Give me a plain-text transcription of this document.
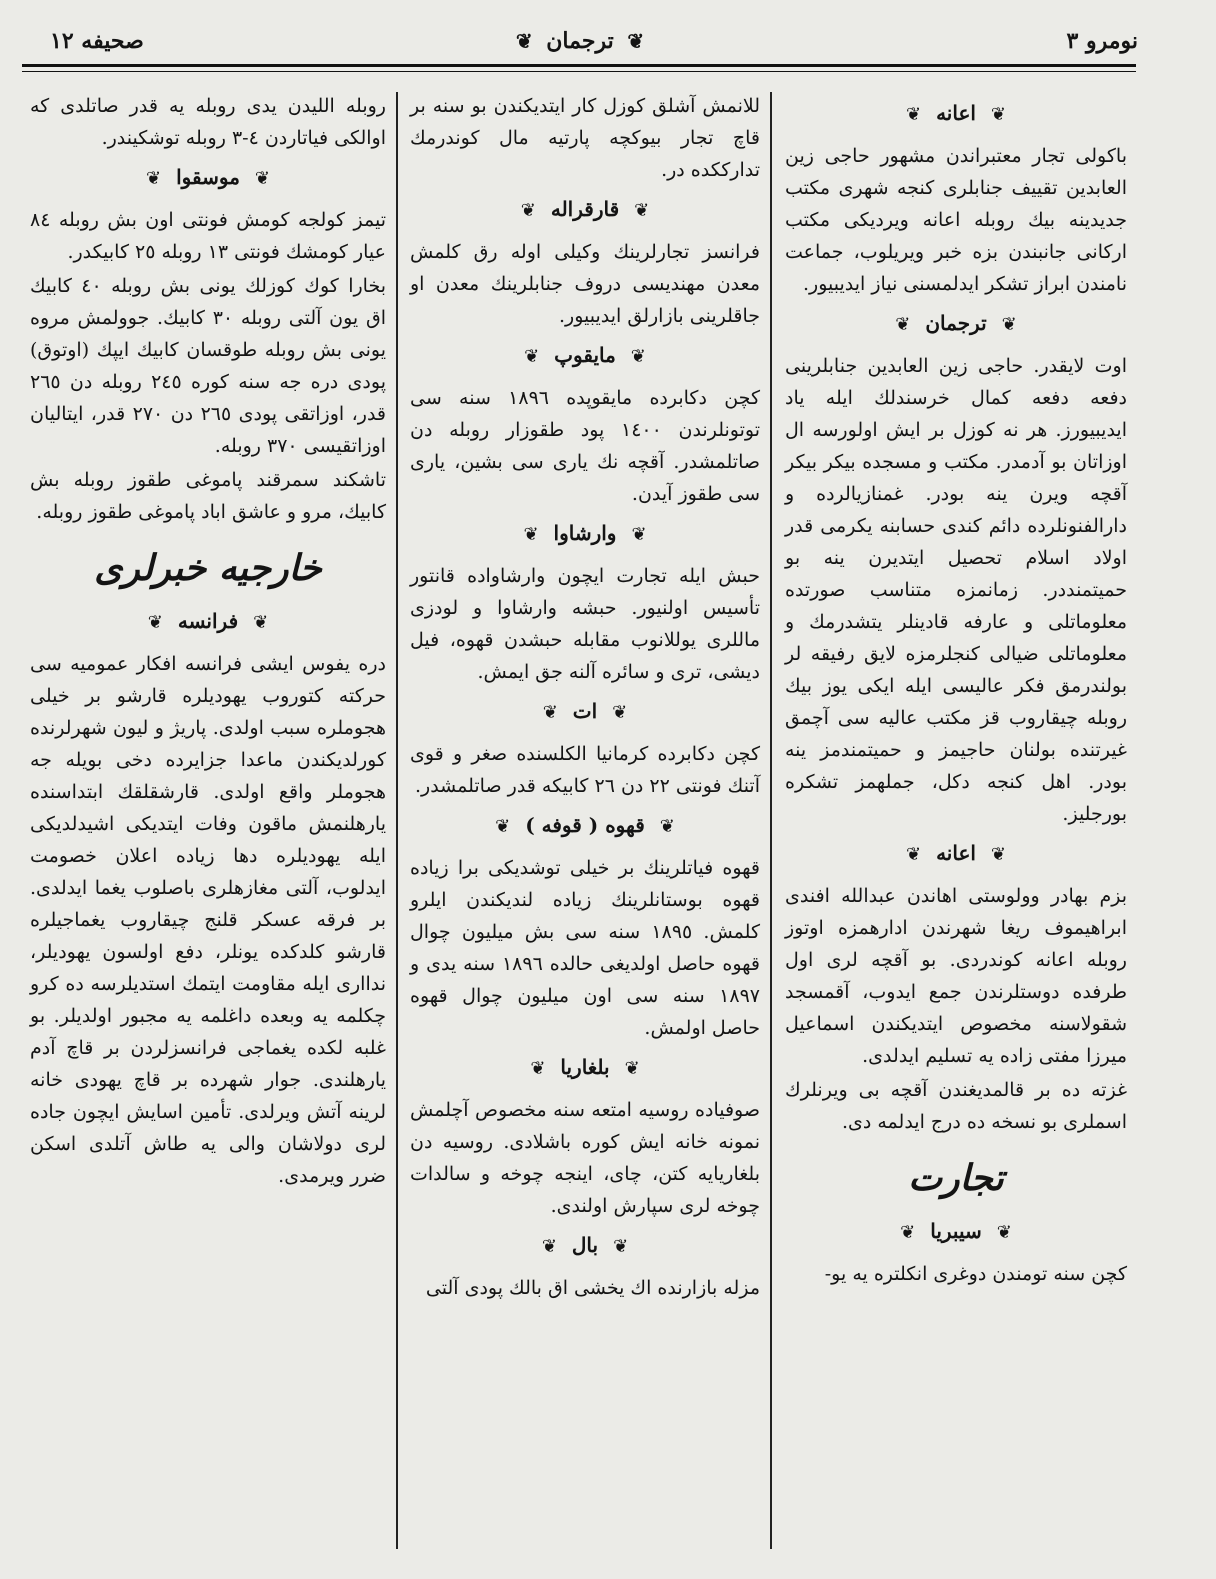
صحيفه ١٢	❦ ترجمان ❦	نومرو ٣
❦ اعانه ❦

باكولى تجار معتبراندن مشهور حاجى زين العابدين تقييف جنابلرى كنجه شهرى مكتب جديدينه بيك روبله اعانه ويرديكى مكتب اركانى جانبندن بزه خبر ويريلوب، جماعت نامندن ابراز تشكر ايدلمسنى نياز ايديبيور.

❦ ترجمان ❦

اوت لايقدر. حاجى زين العابدين جنابلرينى دفعه دفعه كمال خرسندلك ايله ياد ايديبيورز. هر نه كوزل بر ايش اولورسه ال اوزاتان بو آدمدر. مكتب و مسجده بيكر بيكر آقچه ويرن ينه بودر. غمنازيالرده و دارالفنونلرده دائم كندى حسابنه يكرمى قدر اولاد اسلام تحصيل ايتديرن ينه بو حميتمنددر. زمانمزه متناسب صورتده معلوماتلى و عارفه قادينلر يتشدرمك و معلوماتلى ضيالى كنجلرمزه لايق رفيقه لر بولندرمق فكر عاليسى ايله ايكى يوز بيك روبله چيقاروب قز مكتب عاليه سى آچمق غيرتنده بولنان حاجيمز و حميتمندمز ينه بودر. اهل كنجه دكل، جملهمز تشكره بورجليز.

❦ اعانه ❦

بزم بهادر وولوستى اهاندن عبدالله افندى ابراهيموف ريغا شهرندن ادارهمزه اوتوز روبله اعانه كوندردى. بو آقچه لرى اول طرفده دوستلرندن جمع ايدوب، آقمسجد شقولاسنه مخصوص ايتديكندن اسماعيل ميرزا مفتى زاده يه تسليم ايدلدى.

غزته ده بر قالمديغندن آقچه بى ويرنلرك اسملرى بو نسخه ده درج ايدلمه دى.

تجارت
❦ سيبريا ❦

كچن سنه تومندن دوغرى انكلتره يه يو-

للانمش آشلق كوزل كار ايتديكندن بو سنه بر قاچ تجار بيوكچه پارتيه مال كوندرمك تدارككده در.

❦ قارقراله ❦

فرانسز تجارلرينك وكيلى اوله رق كلمش معدن مهنديسى دروف جنابلرينك معدن او جاقلرينى بازارلق ايديبيور.

❦ مايقوپ ❦

كچن دكابرده مايقوپده ١٨٩٦ سنه سى توتونلرندن ١٤٠٠ پود طقوزار روبله دن صاتلمشدر. آقچه نك يارى سى بشين، يارى سى طقوز آيدن.

❦ وارشاوا ❦

حبش ايله تجارت ايچون وارشاواده قانتور تأسيس اولنيور. حبشه وارشاوا و لودزى ماللرى يوللانوب مقابله حبشدن قهوه، فيل ديشى، ترى و سائره آلنه جق ايمش.

❦ ات ❦

كچن دكابرده كرمانيا الكلسنده صغر و قوى آتنك فونتى ٢٢ دن ٢٦ كابيكه قدر صاتلمشدر.

❦ قهوه ( قوفه ) ❦

قهوه فياتلرينك بر خيلى توشديكى برا زياده قهوه بوستانلرينك زياده لنديكندن ايلرو كلمش. ١٨٩٥ سنه سى بش ميليون چوال قهوه حاصل اولديغى حالده ١٨٩٦ سنه يدى و ١٨٩٧ سنه سى اون ميليون چوال قهوه حاصل اولمش.

❦ بلغاريا ❦

صوفياده روسيه امتعه سنه مخصوص آچلمش نمونه خانه ايش كوره باشلادى. روسيه دن بلغاريايه كتن، چاى، اينجه چوخه و سالدات چوخه لرى سپارش اولندى.

❦ بال ❦

مزله بازارنده اك يخشى اق بالك پودى آلتى

روبله الليدن يدى روبله يه قدر صاتلدى كه اوالكى فياتاردن ٤-٣ روبله توشكيندر.

❦ موسقوا ❦

تيمز كولجه كومش فونتى اون بش روبله ٨٤ عيار كومشك فونتى ١٣ روبله ٢٥ كابيكدر.

بخارا كوك كوزلك يونى بش روبله ٤٠ كابيك اق يون آلتى روبله ٣٠ كابيك. جوولمش مروه يونى بش روبله طوقسان كابيك ايپك (اوتوق) پودى دره جه سنه كوره ٢٤٥ روبله دن ٢٦٥ قدر، اوزاتقى پودى ٢٦٥ دن ٢٧٠ قدر، ايتاليان اوزاتقيسى ٣٧٠ روبله.

تاشكند سمرقند پاموغى طقوز روبله بش كابيك، مرو و عاشق اباد پاموغى طقوز روبله.

خارجيه خبرلرى
❦ فرانسه ❦

دره يفوس ايشى فرانسه افكار عموميه سى حركته كتوروب يهوديلره قارشو بر خيلى هجوملره سبب اولدى. پاريژ و ليون شهرلرنده كورلديكندن ماعدا جزايرده دخى بويله جه هجوملر واقع اولدى. قارشقلقك ابتداسنده يارهلنمش ماقون وفات ايتديكى اشيدلديكى ايله يهوديلره دها زياده اعلان خصومت ايدلوب، آلتى مغازهلرى باصلوب يغما ايدلدى. بر فرقه عسكر قلنج چيقاروب يغماجيلره قارشو كلدكده يونلر، دفع اولسون يهوديلر، نداارى ايله مقاومت ايتمك استديلرسه ده كرو چكلمه يه وبعده داغلمه يه مجبور اولديلر. بو غلبه لكده يغماجى فرانسزلردن بر قاچ آدم يارهلندى. جوار شهرده بر قاچ يهودى خانه لرينه آتش ويرلدى. تأمين اسايش ايچون جاده لرى دولاشان والى يه طاش آتلدى اسكن ضرر ويرمدى.
